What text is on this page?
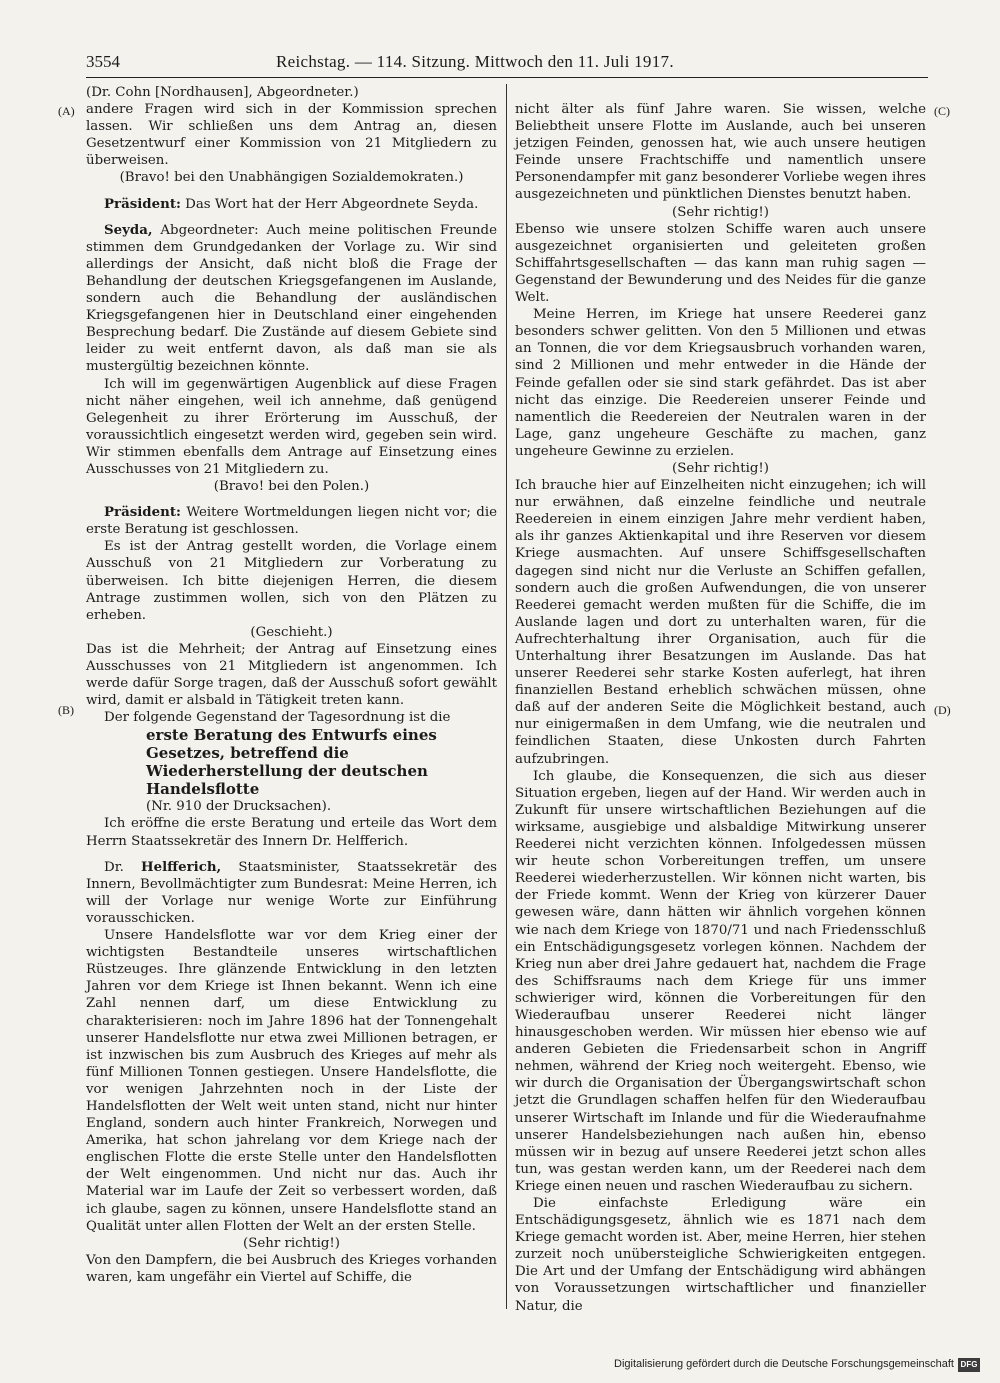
3554	Reichstag. — 114. Sitzung. Mittwoch den 11. Juli 1917.
(A)
(B)
(C)
(D)

(Dr. Cohn [Nordhausen], Abgeordneter.)

andere Fragen wird sich in der Kommission sprechen lassen. Wir schließen uns dem Antrag an, diesen Gesetzentwurf einer Kommission von 21 Mitgliedern zu überweisen.

(Bravo! bei den Unabhängigen Sozialdemokraten.)

Präsident: Das Wort hat der Herr Abgeordnete Seyda.

Seyda, Abgeordneter: Auch meine politischen Freunde stimmen dem Grundgedanken der Vorlage zu. Wir sind allerdings der Ansicht, daß nicht bloß die Frage der Behandlung der deutschen Kriegsgefangenen im Auslande, sondern auch die Behandlung der ausländischen Kriegsgefangenen hier in Deutschland einer eingehenden Besprechung bedarf. Die Zustände auf diesem Gebiete sind leider zu weit entfernt davon, als daß man sie als mustergültig bezeichnen könnte.

Ich will im gegenwärtigen Augenblick auf diese Fragen nicht näher eingehen, weil ich annehme, daß genügend Gelegenheit zu ihrer Erörterung im Ausschuß, der voraussichtlich eingesetzt werden wird, gegeben sein wird. Wir stimmen ebenfalls dem Antrage auf Einsetzung eines Ausschusses von 21 Mitgliedern zu.

(Bravo! bei den Polen.)

Präsident: Weitere Wortmeldungen liegen nicht vor; die erste Beratung ist geschlossen.

Es ist der Antrag gestellt worden, die Vorlage einem Ausschuß von 21 Mitgliedern zur Vorberatung zu überweisen. Ich bitte diejenigen Herren, die diesem Antrage zustimmen wollen, sich von den Plätzen zu erheben.

(Geschieht.)

Das ist die Mehrheit; der Antrag auf Einsetzung eines Ausschusses von 21 Mitgliedern ist angenommen. Ich werde dafür Sorge tragen, daß der Ausschuß sofort gewählt wird, damit er alsbald in Tätigkeit treten kann.

Der folgende Gegenstand der Tagesordnung ist die

erste Beratung des Entwurfs eines Gesetzes, betreffend die Wiederherstellung der deutschen Handelsflotte

(Nr. 910 der Drucksachen).

Ich eröffne die erste Beratung und erteile das Wort dem Herrn Staatssekretär des Innern Dr. Helfferich.

Dr. Helfferich, Staatsminister, Staatssekretär des Innern, Bevollmächtigter zum Bundesrat: Meine Herren, ich will der Vorlage nur wenige Worte zur Einführung vorausschicken.

Unsere Handelsflotte war vor dem Krieg einer der wichtigsten Bestandteile unseres wirtschaftlichen Rüstzeuges. Ihre glänzende Entwicklung in den letzten Jahren vor dem Kriege ist Ihnen bekannt. Wenn ich eine Zahl nennen darf, um diese Entwicklung zu charakterisieren: noch im Jahre 1896 hat der Tonnengehalt unserer Handelsflotte nur etwa zwei Millionen betragen, er ist inzwischen bis zum Ausbruch des Krieges auf mehr als fünf Millionen Tonnen gestiegen. Unsere Handelsflotte, die vor wenigen Jahrzehnten noch in der Liste der Handelsflotten der Welt weit unten stand, nicht nur hinter England, sondern auch hinter Frankreich, Norwegen und Amerika, hat schon jahrelang vor dem Kriege nach der englischen Flotte die erste Stelle unter den Handelsflotten der Welt eingenommen. Und nicht nur das. Auch ihr Material war im Laufe der Zeit so verbessert worden, daß ich glaube, sagen zu können, unsere Handelsflotte stand an Qualität unter allen Flotten der Welt an der ersten Stelle.

(Sehr richtig!)

Von den Dampfern, die bei Ausbruch des Krieges vorhanden waren, kam ungefähr ein Viertel auf Schiffe, die

nicht älter als fünf Jahre waren. Sie wissen, welche Beliebtheit unsere Flotte im Auslande, auch bei unseren jetzigen Feinden, genossen hat, wie auch unsere heutigen Feinde unsere Frachtschiffe und namentlich unsere Personendampfer mit ganz besonderer Vorliebe wegen ihres ausgezeichneten und pünktlichen Dienstes benutzt haben.

(Sehr richtig!)

Ebenso wie unsere stolzen Schiffe waren auch unsere ausgezeichnet organisierten und geleiteten großen Schiffahrtsgesellschaften — das kann man ruhig sagen — Gegenstand der Bewunderung und des Neides für die ganze Welt.

Meine Herren, im Kriege hat unsere Reederei ganz besonders schwer gelitten. Von den 5 Millionen und etwas an Tonnen, die vor dem Kriegsausbruch vorhanden waren, sind 2 Millionen und mehr entweder in die Hände der Feinde gefallen oder sie sind stark gefährdet. Das ist aber nicht das einzige. Die Reedereien unserer Feinde und namentlich die Reedereien der Neutralen waren in der Lage, ganz ungeheure Geschäfte zu machen, ganz ungeheure Gewinne zu erzielen.

(Sehr richtig!)

Ich brauche hier auf Einzelheiten nicht einzugehen; ich will nur erwähnen, daß einzelne feindliche und neutrale Reedereien in einem einzigen Jahre mehr verdient haben, als ihr ganzes Aktienkapital und ihre Reserven vor diesem Kriege ausmachten. Auf unsere Schiffsgesellschaften dagegen sind nicht nur die Verluste an Schiffen gefallen, sondern auch die großen Aufwendungen, die von unserer Reederei gemacht werden mußten für die Schiffe, die im Auslande lagen und dort zu unterhalten waren, für die Aufrechterhaltung ihrer Organisation, auch für die Unterhaltung ihrer Besatzungen im Auslande. Das hat unserer Reederei sehr starke Kosten auferlegt, hat ihren finanziellen Bestand erheblich schwächen müssen, ohne daß auf der anderen Seite die Möglichkeit bestand, auch nur einigermaßen in dem Umfang, wie die neutralen und feindlichen Staaten, diese Unkosten durch Fahrten aufzubringen.

Ich glaube, die Konsequenzen, die sich aus dieser Situation ergeben, liegen auf der Hand. Wir werden auch in Zukunft für unsere wirtschaftlichen Beziehungen auf die wirksame, ausgiebige und alsbaldige Mitwirkung unserer Reederei nicht verzichten können. Infolgedessen müssen wir heute schon Vorbereitungen treffen, um unsere Reederei wiederherzustellen. Wir können nicht warten, bis der Friede kommt. Wenn der Krieg von kürzerer Dauer gewesen wäre, dann hätten wir ähnlich vorgehen können wie nach dem Kriege von 1870/71 und nach Friedensschluß ein Entschädigungsgesetz vorlegen können. Nachdem der Krieg nun aber drei Jahre gedauert hat, nachdem die Frage des Schiffsraums nach dem Kriege für uns immer schwieriger wird, können die Vorbereitungen für den Wiederaufbau unserer Reederei nicht länger hinausgeschoben werden. Wir müssen hier ebenso wie auf anderen Gebieten die Friedensarbeit schon in Angriff nehmen, während der Krieg noch weitergeht. Ebenso, wie wir durch die Organisation der Übergangswirtschaft schon jetzt die Grundlagen schaffen helfen für den Wiederaufbau unserer Wirtschaft im Inlande und für die Wiederaufnahme unserer Handelsbeziehungen nach außen hin, ebenso müssen wir in bezug auf unsere Reederei jetzt schon alles tun, was gestan werden kann, um der Reederei nach dem Kriege einen neuen und raschen Wiederaufbau zu sichern.

Die einfachste Erledigung wäre ein Entschädigungsgesetz, ähnlich wie es 1871 nach dem Kriege gemacht worden ist. Aber, meine Herren, hier stehen zurzeit noch unübersteigliche Schwierigkeiten entgegen. Die Art und der Umfang der Entschädigung wird abhängen von Voraussetzungen wirtschaftlicher und finanzieller Natur, die

Digitalisierung gefördert durch die Deutsche Forschungsgemeinschaft DFG
